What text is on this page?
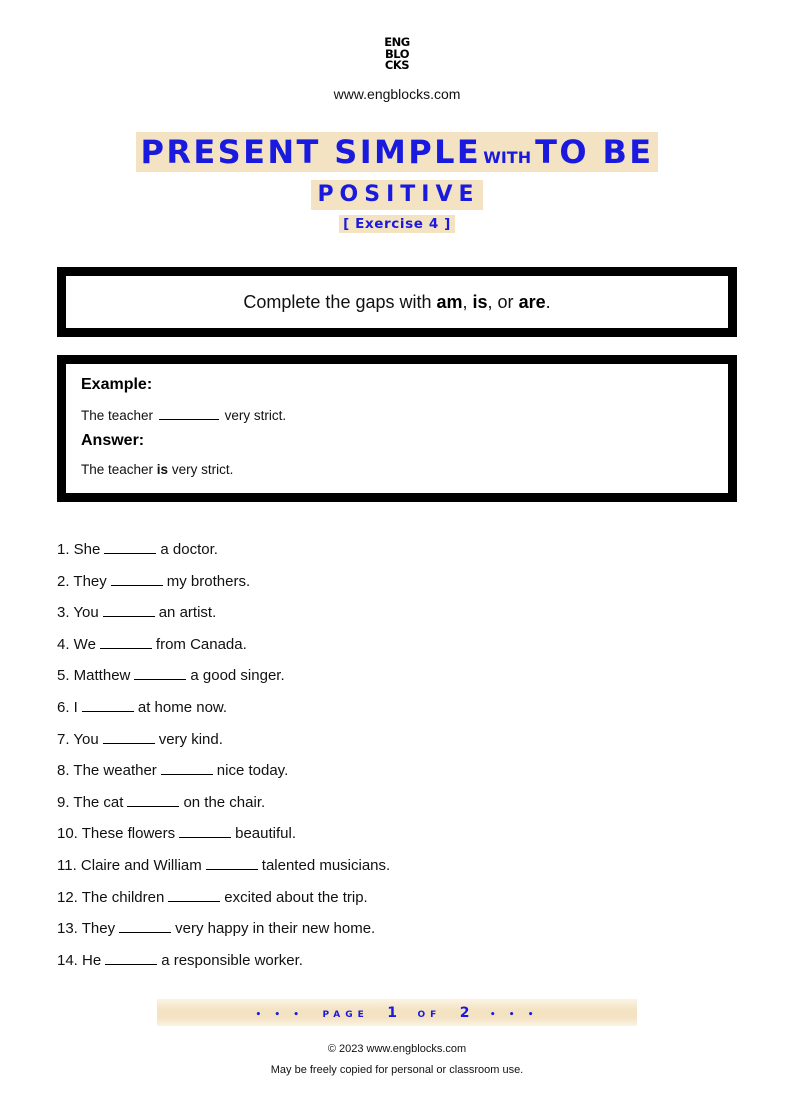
ENG
BLO
CKS
www.engblocks.com
PRESENT SIMPLE WITH TO BE
POSITIVE
[ Exercise 4 ]
Complete the gaps with am, is, or are.
Example:
The teacher	very strict.
Answer:
The teacher is very strict.
1. She	a doctor.
2. They	my brothers.
3. You	an artist.
4. We	from Canada.
5. Matthew	a good singer.
6. I	at home now.
7. You	very kind.
8. The weather	nice today.
9. The cat	on the chair.
10. These flowers	beautiful.
11. Claire and William	talented musicians.
12. The children	excited about the trip.
13. They	very happy in their new home.
14. He	a responsible worker.
• • • PAGE 1 OF 2 • • •
© 2023 www.engblocks.com
May be freely copied for personal or classroom use.
